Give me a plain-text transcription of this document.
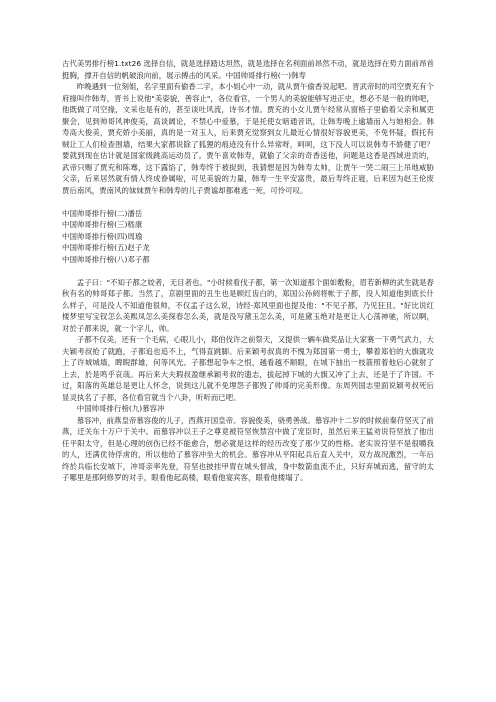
古代美男排行榜1.txt26 选择自信，就是选择踏达坦然，就是选择在名利面前昂然不动，就是选择在势力面前昂首挺胸，撑开自信的帆破浪向前，展示搏击的风采。中国帅哥排行榜(一)韩寿

昨晚遇到一位刻姐，名字里面有偷香二字，本小姐心中一动，就从贾午偷香说起吧。晋武帝时的司空贾充有个府掾叫作韩寿，晋书上说他"美姿貌，善容止"，各位看官，一个男人的美貌能够写进正史，想必不是一般的帅吧，他既做了司空掾，文采也是有的，甚至谈吐风流，诗书才情。贾充的小女儿贾午经常从窗格子里偷看父亲和属吏聚会，见到帅哥风神俊美，高谈阔论，不禁心中爱慕，于是托使女暗通音讯，让韩寿晚上逾墙而入与她相会。韩寿高大俊美，贾充娇小美丽，真的是一对玉人，后来贾充觉察到女儿最近心情很好容貌更美，不免怀疑，假托有贼让工人们检查围墙，结果大家都说除了狐狸的痕迹没有什么异常呀，呵呵，这下没人可以说韩寿不娇健了吧？要就到现在估计就是国家级跳高运动员了。贾午喜欢韩寿，就偷了父亲的奇香送他，问题是这香是西域进贡的，武帝只赐了贾充和陈骞，这下露馅了，韩寿终于被捉到，我猜想是因为韩寿太帅，让贾午一哭二闹三上吊地威胁父亲，后来居然就有情人终成眷属啦，可见美貌的力量，韩寿一生平安富贵，最后寿终正寝，后来因为赵王伦废贾后南风，贾南风的妹妹贾午和韩寿的儿子贾谧却都难逃一死，可怜可叹。

中国帅哥排行榜(二)潘岳
中国帅哥排行榜(三)嵇康
中国帅哥排行榜(四)周瑜
中国帅哥排行榜(五)赵子龙
中国帅哥排行榜(八)邓子都

孟子曰："不知子都之姣者，无目者也。"小时候看伐子都，第一次知道那个面如敷粉，眉若新柳的武生就是春秋有名的帅哥郑子都。当然了，京剧里面的丑生也是顾红齿白的，郑国公孙阏将帐于子都，没人知道他到底长什么样子，可是没人不知道他很帅，不仅孟子这么说，诗经·郑风里面也提及他："不见子都，乃见狂且。"好比说红楼梦里写宝钗怎么美熙凤怎么美探春怎么美，就是没写黛玉怎么美，可是黛玉绝对是更让人心荡神驰，所以啊，对於子都来说，就一个字儿，帅。

子都不仅美，还有一个毛病，心眼儿小，郑伯伐许之前祭天，又提供一辆车做奖品让大家赛一下勇气武力，大夫颖考叔抢了就跑，子都追也追不上，气得直跳脚。后来颖考叔真的不愧为郑国第一勇士，攀着郑伯的大旗就攻上了许城城墙，睥睨群雄，何等风光。子都想起争车之恨，越看越不顺眼，在城下抽出一枝箭照着他后心就射了上去，於是鸣乎哀哉。再后来大夫瑕叔盈继承颖考叔的遗志，拔起掉下城的大旗又冲了上去，还是于了许国。不过，阳落的英雄总是更让人怀念，说到这儿就不免埋怨子都毁了帅哥的完美形像。东周列国志里面说颖考叔死后显灵执名了子都，各位看官就当个八卦，听听而已吧。

中国帅哥排行榜(九)慕容冲

慕容冲，前燕皇帝慕容俊的儿子，西燕开国皇帝。容貌俊美，骁勇善战。慕容冲十二岁的时候前秦苻坚灭了前燕，迁关东十万户于关中。而慕容冲以王子之尊竟被符坚恢禁宫中做了宠臣时，虽然后来王猛劝说符坚放了他出任平阳太守，但是心理的创伤已经不能愈合，想必就是这样的经历改变了那少艾的性格。老实说符坚不是很嚼我的人，还满优待俘虏的，所以他给了慕容冲坐大的机会。慕容冲从平阳起兵后直入关中，双方战况激烈，一年后终於兵临长安城下，冲哥亲率先登，符坚也披挂甲胄在城头督战，身中数箭血流不止，只好弃城而逃，留守的太子哪里是那阿修罗的对手，眼看他起高楼，眼看他宴宾客，眼看他楼塌了。
